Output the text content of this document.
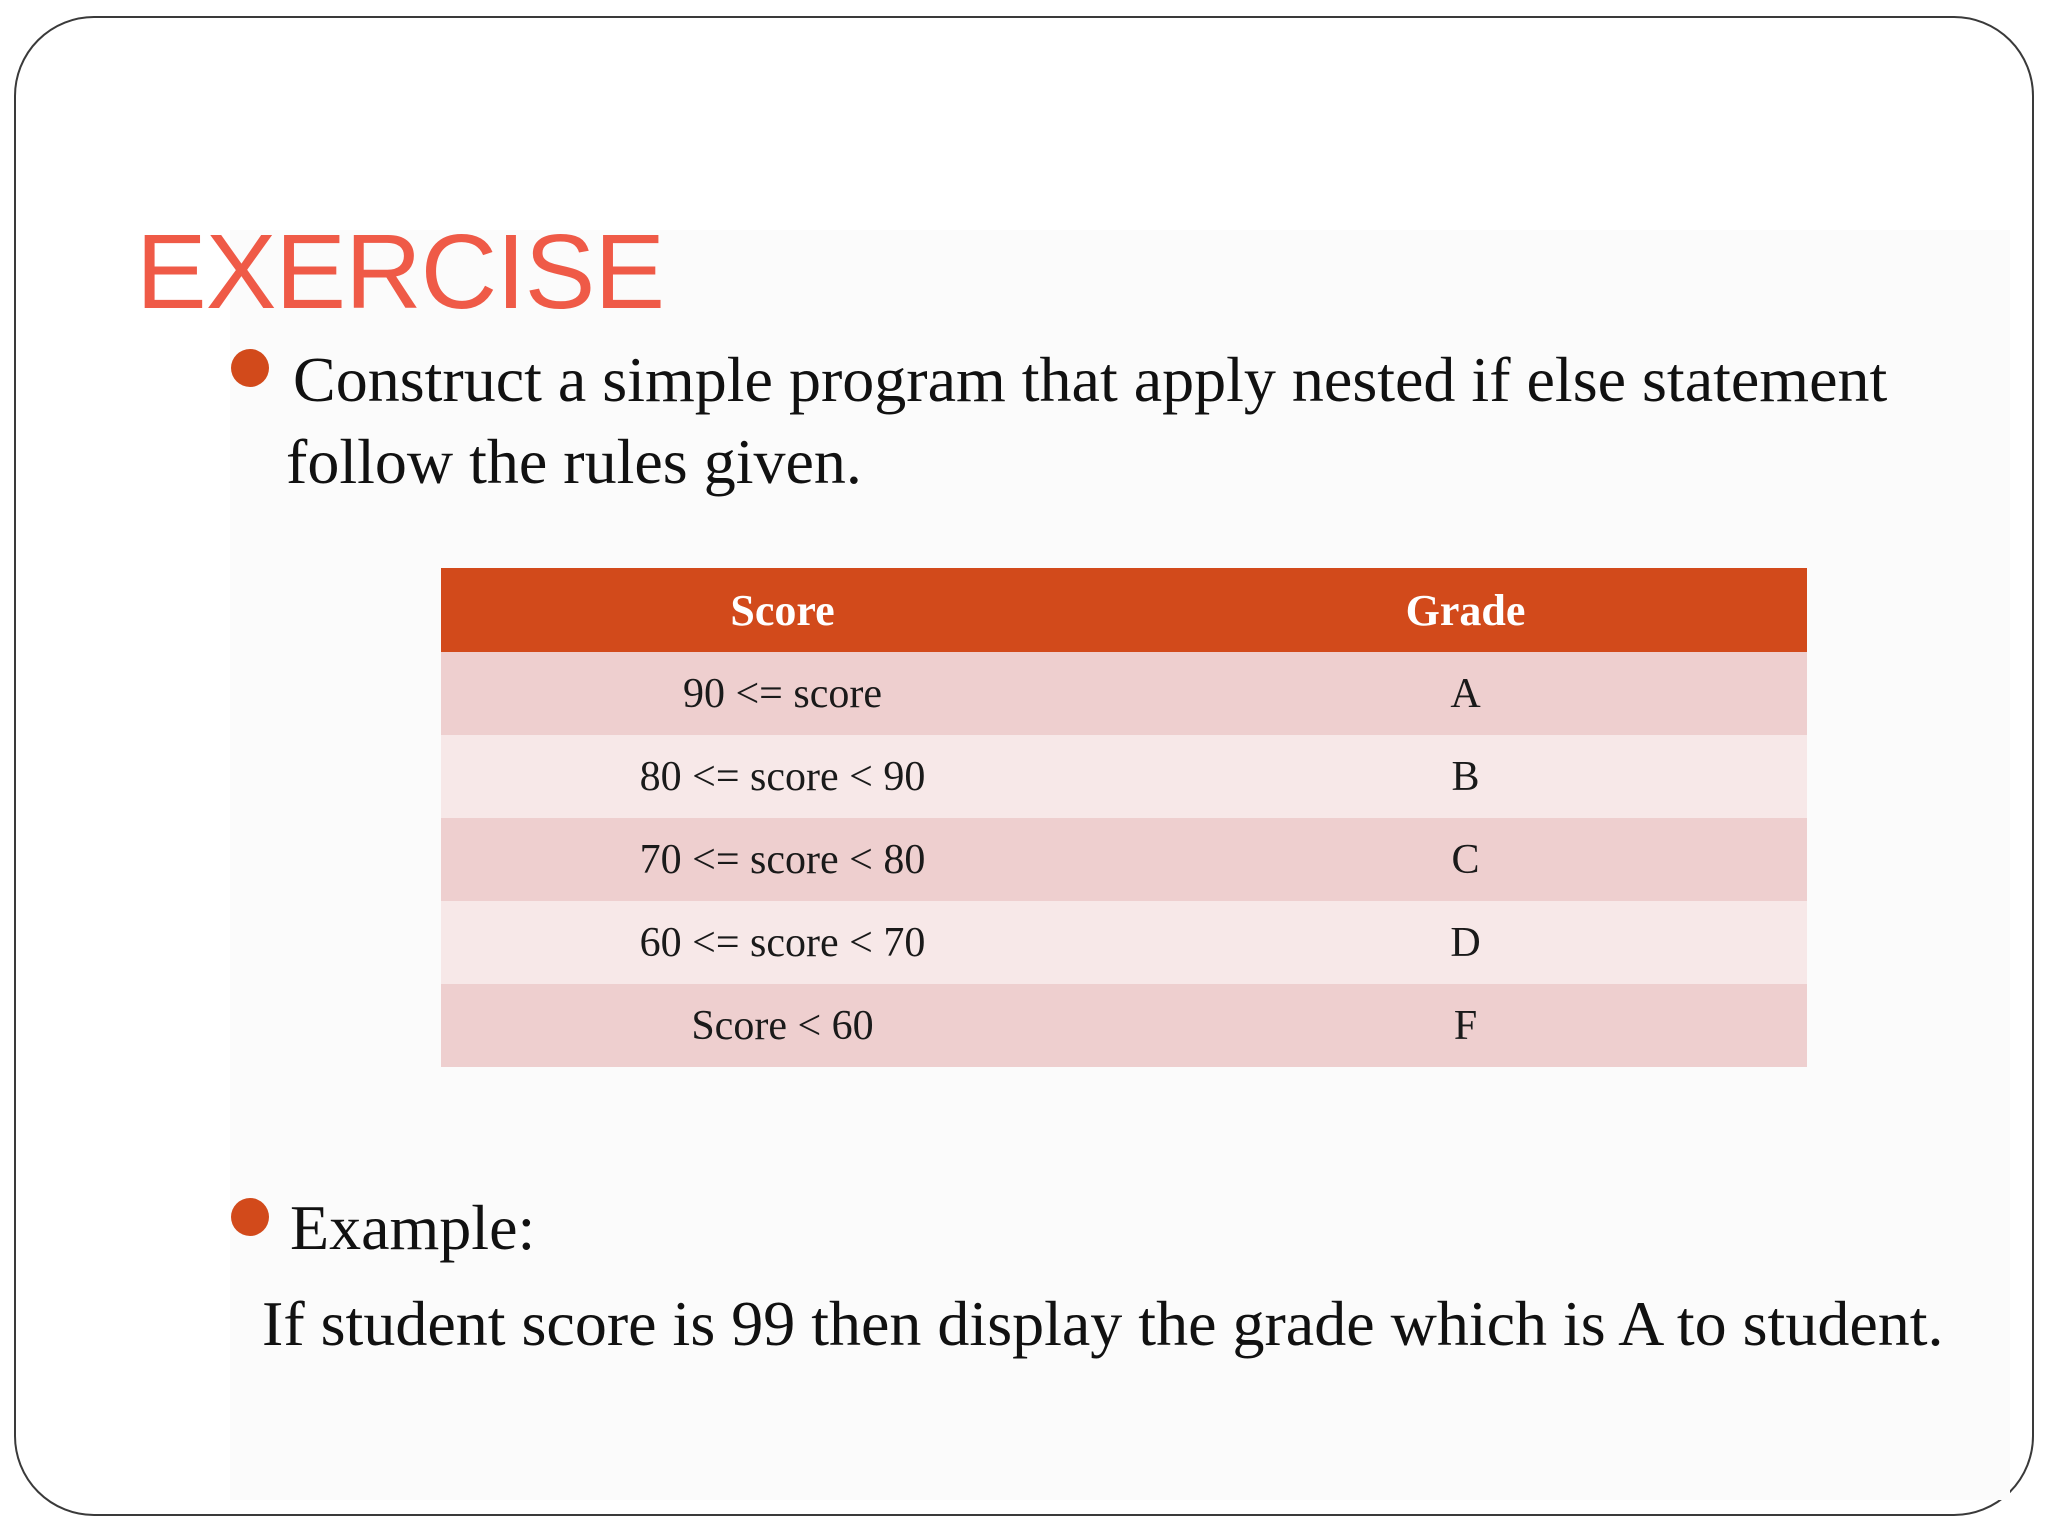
EXERCISE
Construct a simple program that apply nested if else statement
follow the rules given.
Score	Grade
90 <= score	A
80 <= score < 90	B
70 <= score < 80	C
60 <= score < 70	D
Score < 60	F
Example:
If student score is 99 then display the grade which is A to student.
